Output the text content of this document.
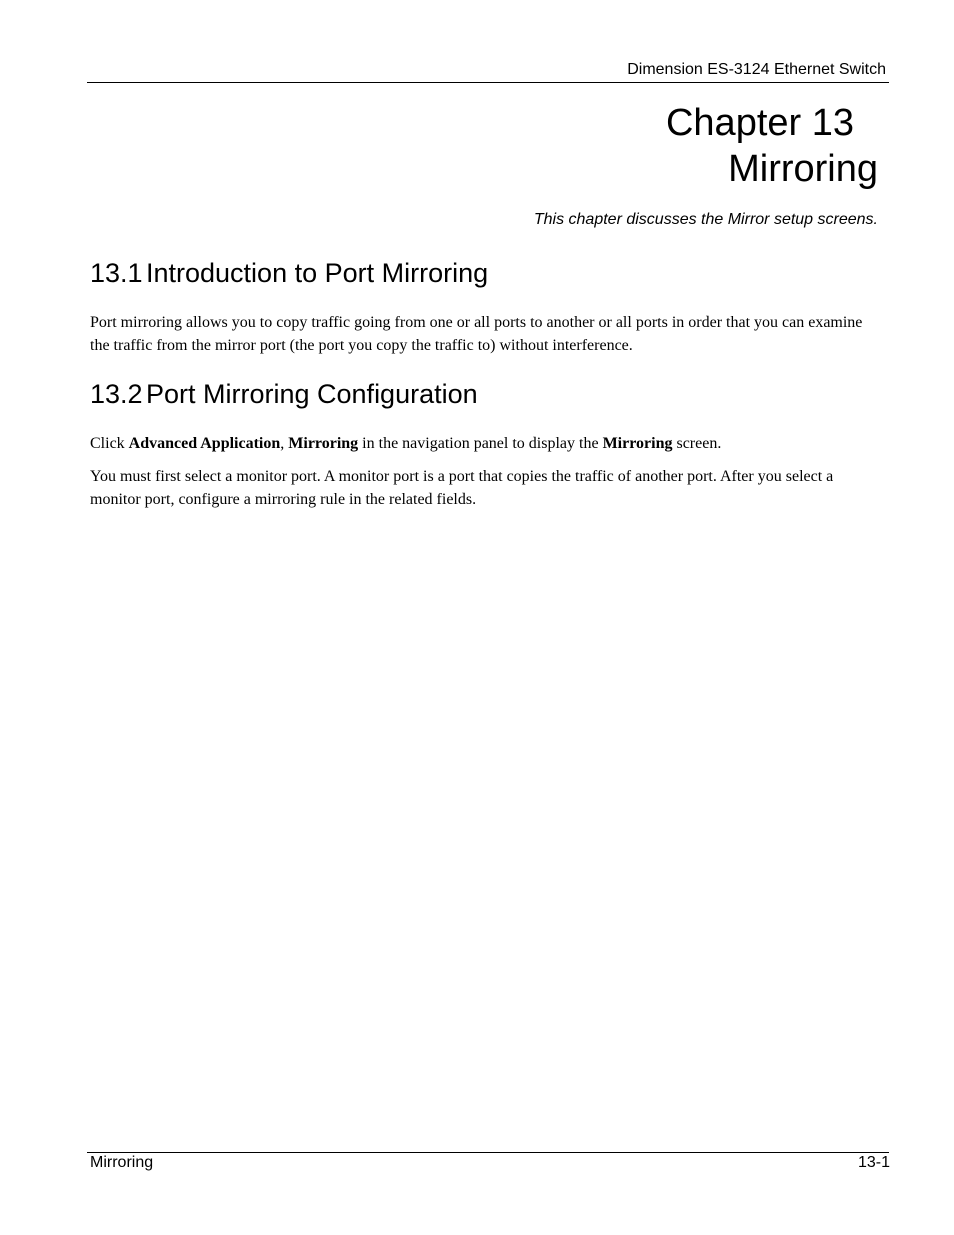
Dimension ES-3124 Ethernet Switch
Chapter 13
Mirroring
This chapter discusses the Mirror setup screens.
13.1 Introduction to Port Mirroring
Port mirroring allows you to copy traffic going from one or all ports to another or all ports in order that you can examine the traffic from the mirror port (the port you copy the traffic to) without interference.
13.2 Port Mirroring Configuration
Click Advanced Application, Mirroring in the navigation panel to display the Mirroring screen.
You must first select a monitor port. A monitor port is a port that copies the traffic of another port. After you select a monitor port, configure a mirroring rule in the related fields.
Mirroring	13-1
